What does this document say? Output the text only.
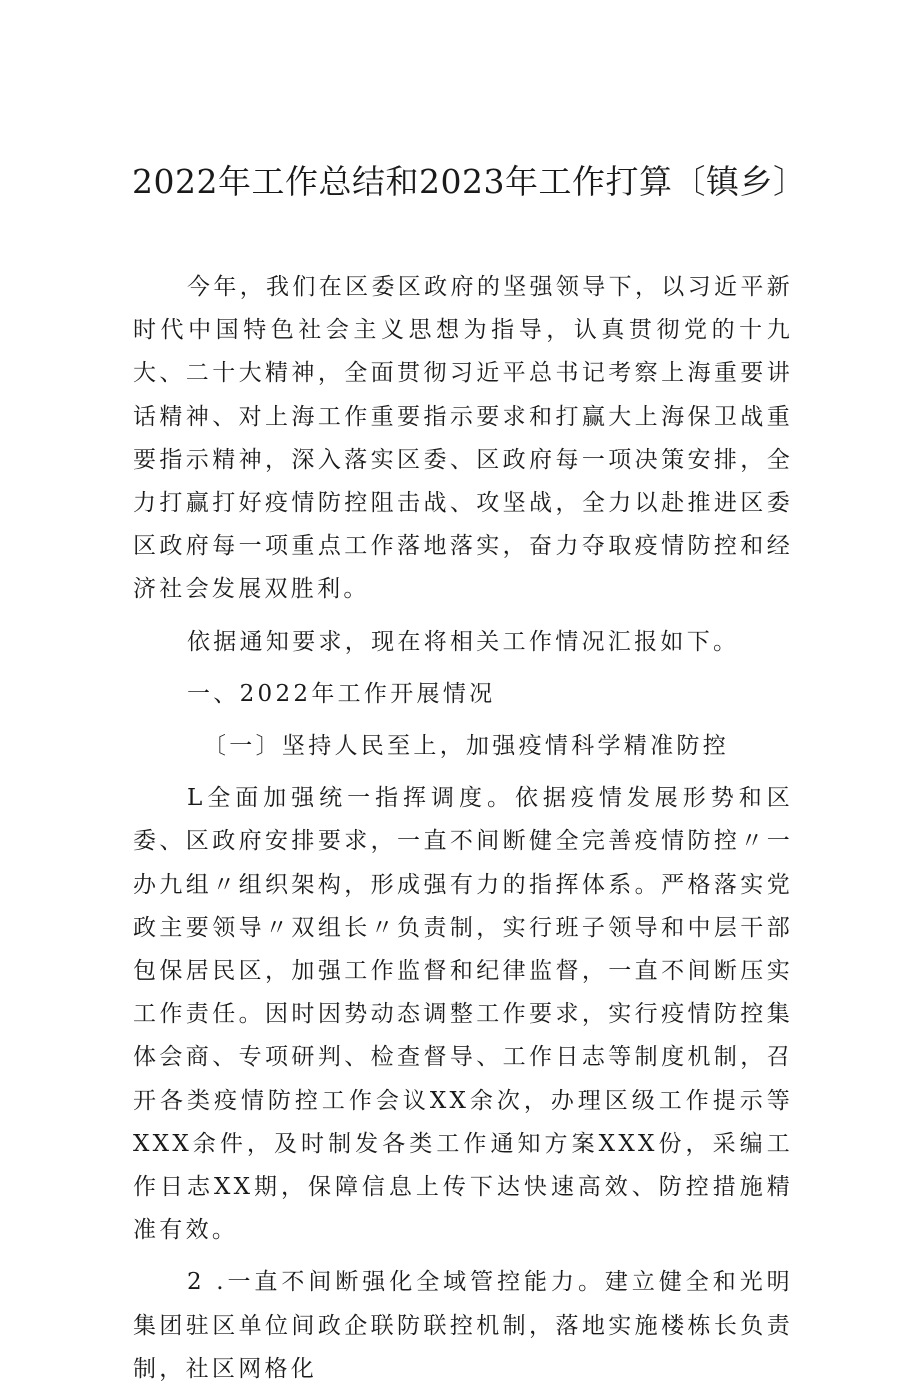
2022年工作总结和2023年工作打算〔镇乡〕

今年，我们在区委区政府的坚强领导下，以习近平新时代中国特色社会主义思想为指导，认真贯彻党的十九大、二十大精神，全面贯彻习近平总书记考察上海重要讲话精神、对上海工作重要指示要求和打赢大上海保卫战重要指示精神，深入落实区委、区政府每一项决策安排，全力打赢打好疫情防控阻击战、攻坚战，全力以赴推进区委区政府每一项重点工作落地落实，奋力夺取疫情防控和经济社会发展双胜利。

依据通知要求，现在将相关工作情况汇报如下。

一、2022年工作开展情况

〔一〕坚持人民至上，加强疫情科学精准防控

L全面加强统一指挥调度。依据疫情发展形势和区委、区政府安排要求，一直不间断健全完善疫情防控〃一办九组〃组织架构，形成强有力的指挥体系。严格落实党政主要领导〃双组长〃负责制，实行班子领导和中层干部包保居民区，加强工作监督和纪律监督，一直不间断压实工作责任。因时因势动态调整工作要求，实行疫情防控集体会商、专项研判、检查督导、工作日志等制度机制，召开各类疫情防控工作会议XX余次，办理区级工作提示等XXX余件，及时制发各类工作通知方案XXX份，采编工作日志XX期，保障信息上传下达快速高效、防控措施精准有效。

2 .一直不间断强化全域管控能力。建立健全和光明集团驻区单位间政企联防联控机制，落地实施楼栋长负责制，社区网格化
